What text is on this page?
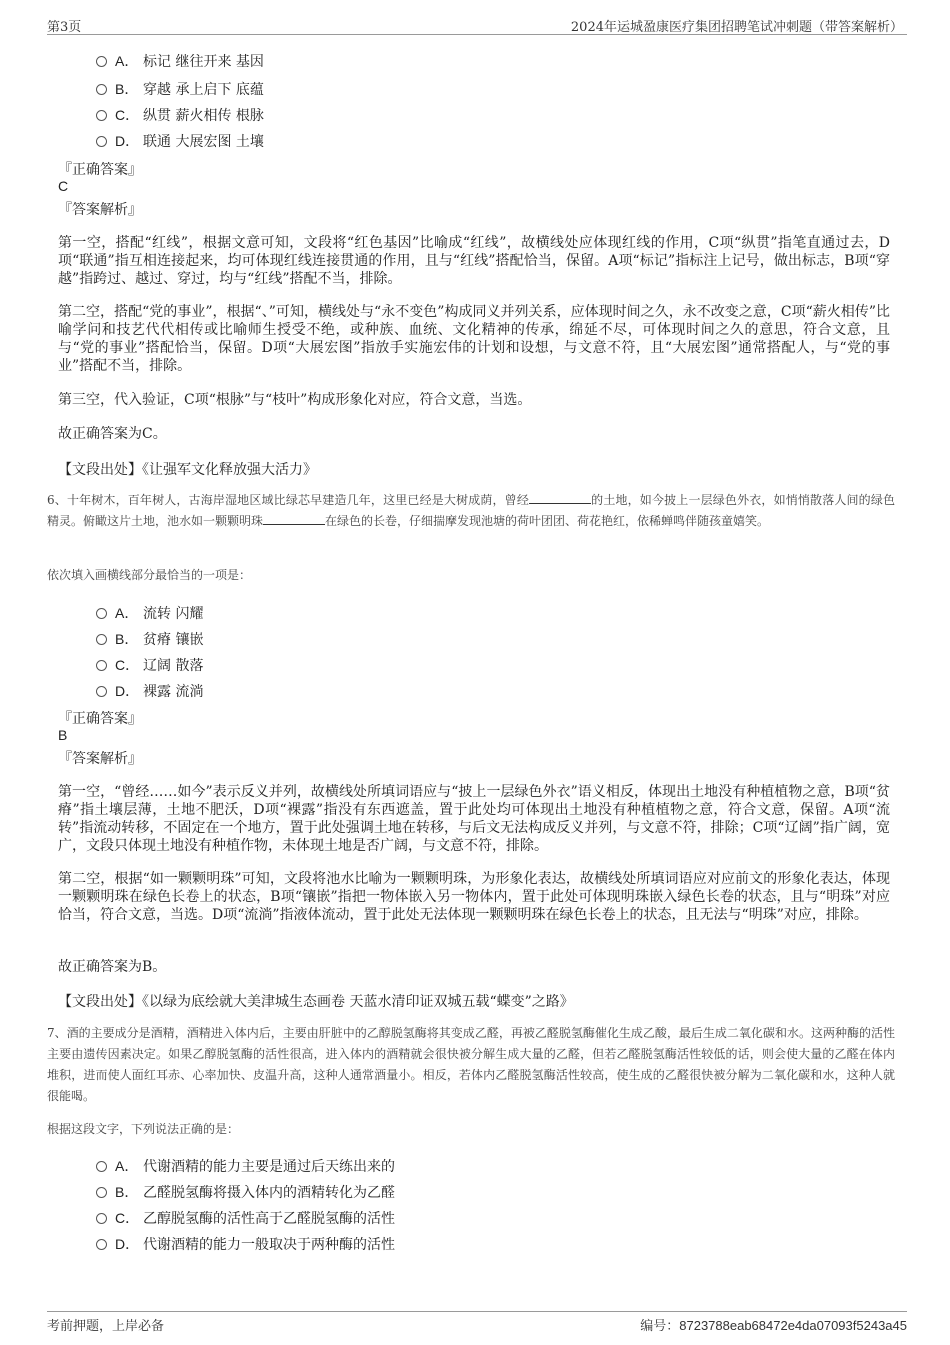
第3页	2024年运城盈康医疗集团招聘笔试冲刺题（带答案解析）
A． 标记 继往开来 基因
B． 穿越 承上启下 底蕴
C． 纵贯 薪火相传 根脉
D． 联通 大展宏图 土壤
『正确答案』
C
『答案解析』

第一空，搭配“红线”，根据文意可知，文段将“红色基因”比喻成“红线”，故横线处应体现红线的作用，C项“纵贯”指笔直通过去，D项“联通”指互相连接起来，均可体现红线连接贯通的作用，且与“红线”搭配恰当，保留。A项“标记”指标注上记号，做出标志，B项“穿越”指跨过、越过、穿过，均与“红线”搭配不当，排除。

第二空，搭配“党的事业”，根据“、”可知，横线处与“永不变色”构成同义并列关系，应体现时间之久，永不改变之意，C项“薪火相传”比喻学问和技艺代代相传或比喻师生授受不绝，或种族、血统、文化精神的传承，绵延不尽，可体现时间之久的意思，符合文意，且与“党的事业”搭配恰当，保留。D项“大展宏图”指放手实施宏伟的计划和设想，与文意不符，且“大展宏图”通常搭配人，与“党的事业”搭配不当，排除。

第三空，代入验证，C项“根脉”与“枝叶”构成形象化对应，符合文意，当选。

故正确答案为C。

【文段出处】《让强军文化释放强大活力》

6、十年树木，百年树人，古海岸湿地区域比绿芯早建造几年，这里已经是大树成荫，曾经	的土地，如今披上一层绿色外衣，如悄悄散落人间的绿色精灵。俯瞰这片土地，池水如一颗颗明珠	在绿色的长卷，仔细揣摩发现池塘的荷叶团团、荷花艳红，依稀蝉鸣伴随孩童嬉笑。

依次填入画横线部分最恰当的一项是：

A． 流转 闪耀
B． 贫瘠 镶嵌
C． 辽阔 散落
D． 裸露 流淌
『正确答案』
B
『答案解析』

第一空，“曾经……如今”表示反义并列，故横线处所填词语应与“披上一层绿色外衣”语义相反，体现出土地没有种植植物之意，B项“贫瘠”指土壤层薄，土地不肥沃，D项“裸露”指没有东西遮盖，置于此处均可体现出土地没有种植植物之意，符合文意，保留。A项“流转”指流动转移，不固定在一个地方，置于此处强调土地在转移，与后文无法构成反义并列，与文意不符，排除；C项“辽阔”指广阔，宽广，文段只体现土地没有种植作物，未体现土地是否广阔，与文意不符，排除。

第二空，根据“如一颗颗明珠”可知，文段将池水比喻为一颗颗明珠，为形象化表达，故横线处所填词语应对应前文的形象化表达，体现一颗颗明珠在绿色长卷上的状态，B项“镶嵌”指把一物体嵌入另一物体内，置于此处可体现明珠嵌入绿色长卷的状态，且与“明珠”对应恰当，符合文意，当选。D项“流淌”指液体流动，置于此处无法体现一颗颗明珠在绿色长卷上的状态，且无法与“明珠”对应，排除。

故正确答案为B。

【文段出处】《以绿为底绘就大美津城生态画卷 天蓝水清印证双城五载“蝶变”之路》

7、酒的主要成分是酒精，酒精进入体内后，主要由肝脏中的乙醇脱氢酶将其变成乙醛，再被乙醛脱氢酶催化生成乙酸，最后生成二氧化碳和水。这两种酶的活性主要由遗传因素决定。如果乙醇脱氢酶的活性很高，进入体内的酒精就会很快被分解生成大量的乙醛，但若乙醛脱氢酶活性较低的话，则会使大量的乙醛在体内堆积，进而使人面红耳赤、心率加快、皮温升高，这种人通常酒量小。相反，若体内乙醛脱氢酶活性较高，使生成的乙醛很快被分解为二氧化碳和水，这种人就很能喝。

根据这段文字，下列说法正确的是：

A． 代谢酒精的能力主要是通过后天练出来的
B． 乙醛脱氢酶将摄入体内的酒精转化为乙醛
C． 乙醇脱氢酶的活性高于乙醛脱氢酶的活性
D． 代谢酒精的能力一般取决于两种酶的活性
考前押题，上岸必备	编号：8723788eab68472e4da07093f5243a45
